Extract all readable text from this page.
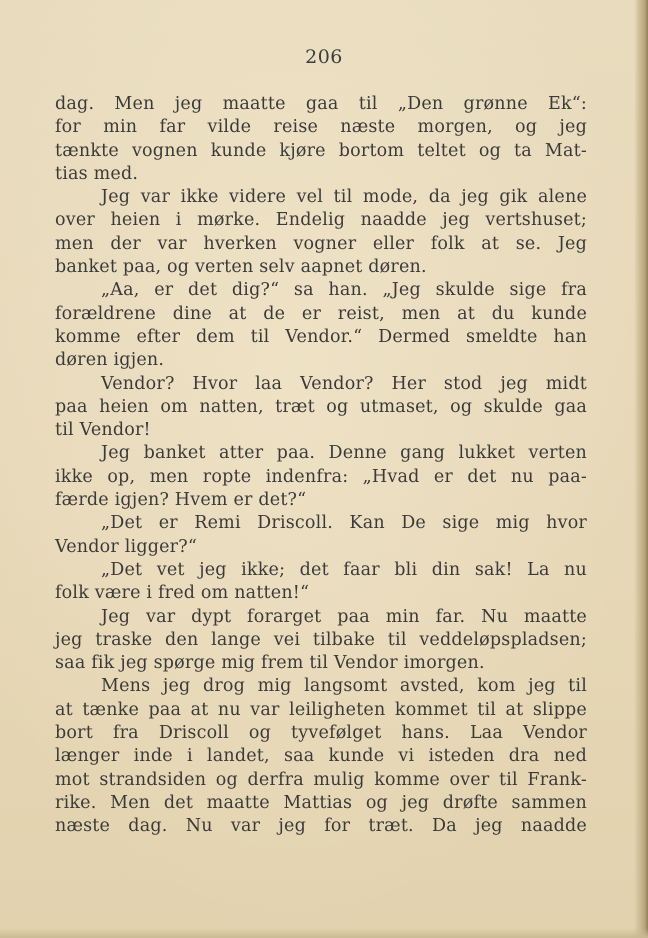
206
dag. Men jeg maatte gaa til „Den grønne Ek“:
for min far vilde reise næste morgen, og jeg
tænkte vognen kunde kjøre bortom teltet og ta Mat-
tias med.
Jeg var ikke videre vel til mode, da jeg gik alene
over heien i mørke. Endelig naadde jeg vertshuset;
men der var hverken vogner eller folk at se. Jeg
banket paa, og verten selv aapnet døren.
„Aa, er det dig?“ sa han. „Jeg skulde sige fra
forældrene dine at de er reist, men at du kunde
komme efter dem til Vendor.“ Dermed smeldte han
døren igjen.
Vendor? Hvor laa Vendor? Her stod jeg midt
paa heien om natten, træt og utmaset, og skulde gaa
til Vendor!
Jeg banket atter paa. Denne gang lukket verten
ikke op, men ropte indenfra: „Hvad er det nu paa-
færde igjen? Hvem er det?“
„Det er Remi Driscoll. Kan De sige mig hvor
Vendor ligger?“
„Det vet jeg ikke; det faar bli din sak! La nu
folk være i fred om natten!“
Jeg var dypt forarget paa min far. Nu maatte
jeg traske den lange vei tilbake til veddeløpspladsen;
saa fik jeg spørge mig frem til Vendor imorgen.
Mens jeg drog mig langsomt avsted, kom jeg til
at tænke paa at nu var leiligheten kommet til at slippe
bort fra Driscoll og tyvefølget hans. Laa Vendor
længer inde i landet, saa kunde vi isteden dra ned
mot strandsiden og derfra mulig komme over til Frank-
rike. Men det maatte Mattias og jeg drøfte sammen
næste dag. Nu var jeg for træt. Da jeg naadde
